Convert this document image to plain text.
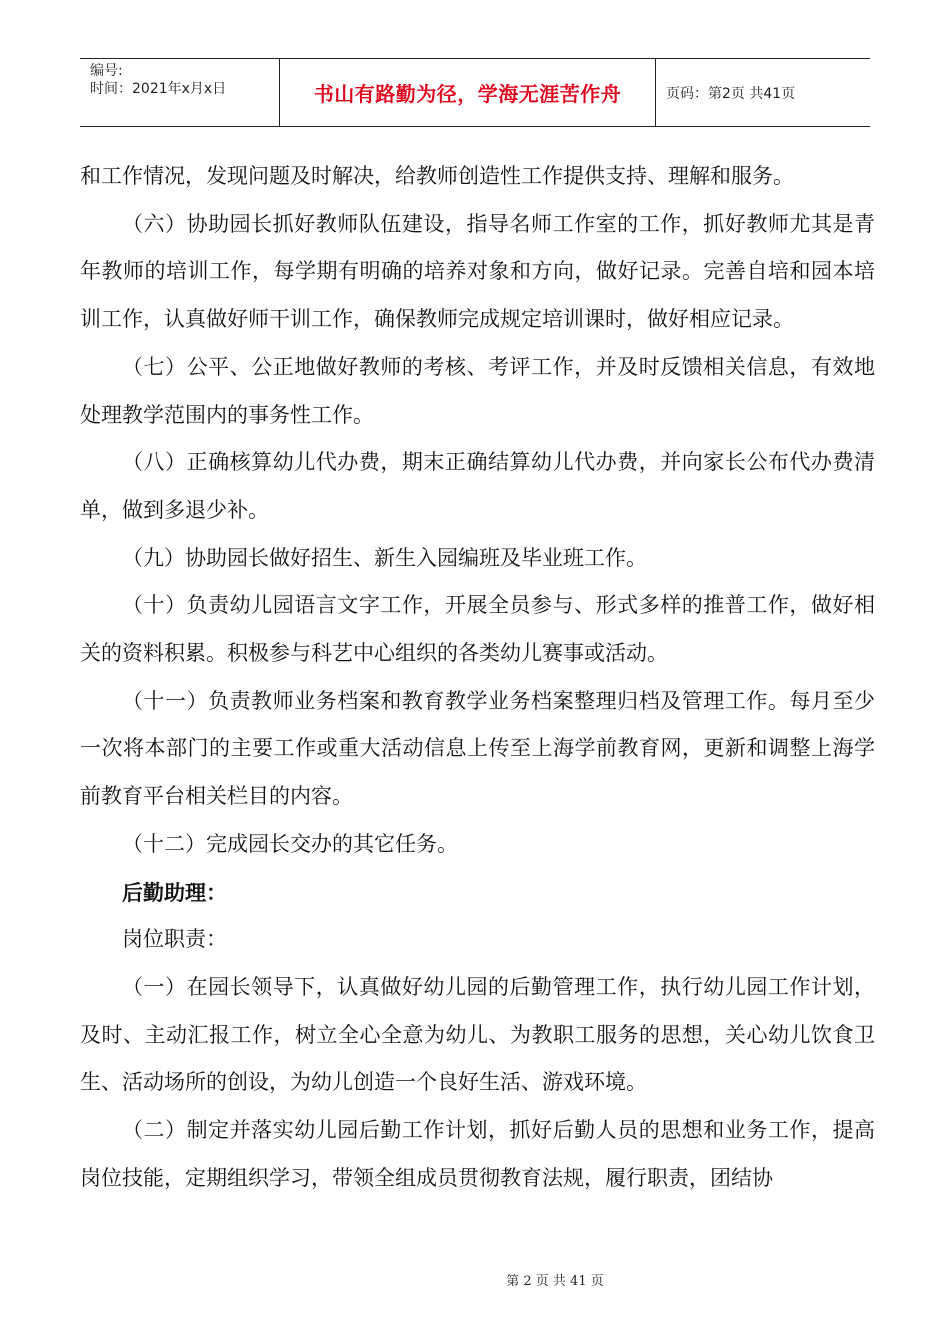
编号:
时间：2021年x月x日	书山有路勤为径，学海无涯苦作舟	页码：第2页 共41页

和工作情况，发现问题及时解决，给教师创造性工作提供支持、理解和服务。

（六）协助园长抓好教师队伍建设，指导名师工作室的工作，抓好教师尤其是青年教师的培训工作，每学期有明确的培养对象和方向，做好记录。完善自培和园本培训工作，认真做好师干训工作，确保教师完成规定培训课时，做好相应记录。

（七）公平、公正地做好教师的考核、考评工作，并及时反馈相关信息，有效地处理教学范围内的事务性工作。

（八）正确核算幼儿代办费，期末正确结算幼儿代办费，并向家长公布代办费清单，做到多退少补。

（九）协助园长做好招生、新生入园编班及毕业班工作。

（十）负责幼儿园语言文字工作，开展全员参与、形式多样的推普工作，做好相关的资料积累。积极参与科艺中心组织的各类幼儿赛事或活动。

（十一）负责教师业务档案和教育教学业务档案整理归档及管理工作。每月至少一次将本部门的主要工作或重大活动信息上传至上海学前教育网，更新和调整上海学前教育平台相关栏目的内容。

（十二）完成园长交办的其它任务。

后勤助理：

岗位职责：

（一）在园长领导下，认真做好幼儿园的后勤管理工作，执行幼儿园工作计划，及时、主动汇报工作，树立全心全意为幼儿、为教职工服务的思想，关心幼儿饮食卫生、活动场所的创设，为幼儿创造一个良好生活、游戏环境。

（二）制定并落实幼儿园后勤工作计划，抓好后勤人员的思想和业务工作，提高岗位技能，定期组织学习，带领全组成员贯彻教育法规，履行职责，团结协

第 2 页 共 41 页
